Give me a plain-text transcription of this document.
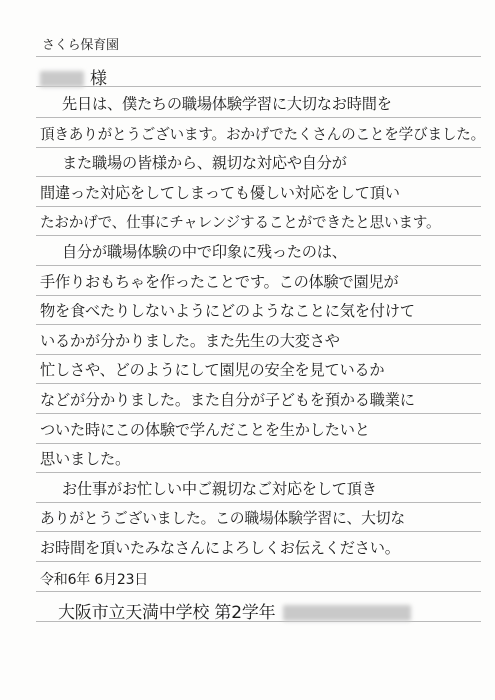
さくら保育園
様
先日は、僕たちの職場体験学習に大切なお時間を
頂きありがとうございます。おかげでたくさんのことを学びました。
また職場の皆様から、親切な対応や自分が
間違った対応をしてしまっても優しい対応をして頂い
たおかげで、仕事にチャレンジすることができたと思います。
自分が職場体験の中で印象に残ったのは、
手作りおもちゃを作ったことです。この体験で園児が
物を食べたりしないようにどのようなことに気を付けて
いるかが分かりました。また先生の大変さや
忙しさや、どのようにして園児の安全を見ているか
などが分かりました。また自分が子どもを預かる職業に
ついた時にこの体験で学んだことを生かしたいと
思いました。
お仕事がお忙しい中ご親切なご対応をして頂き
ありがとうございました。この職場体験学習に、大切な
令和6年 6月23日
大阪市立天満中学校 第2学年
お時間を頂いたみなさんによろしくお伝えください。
